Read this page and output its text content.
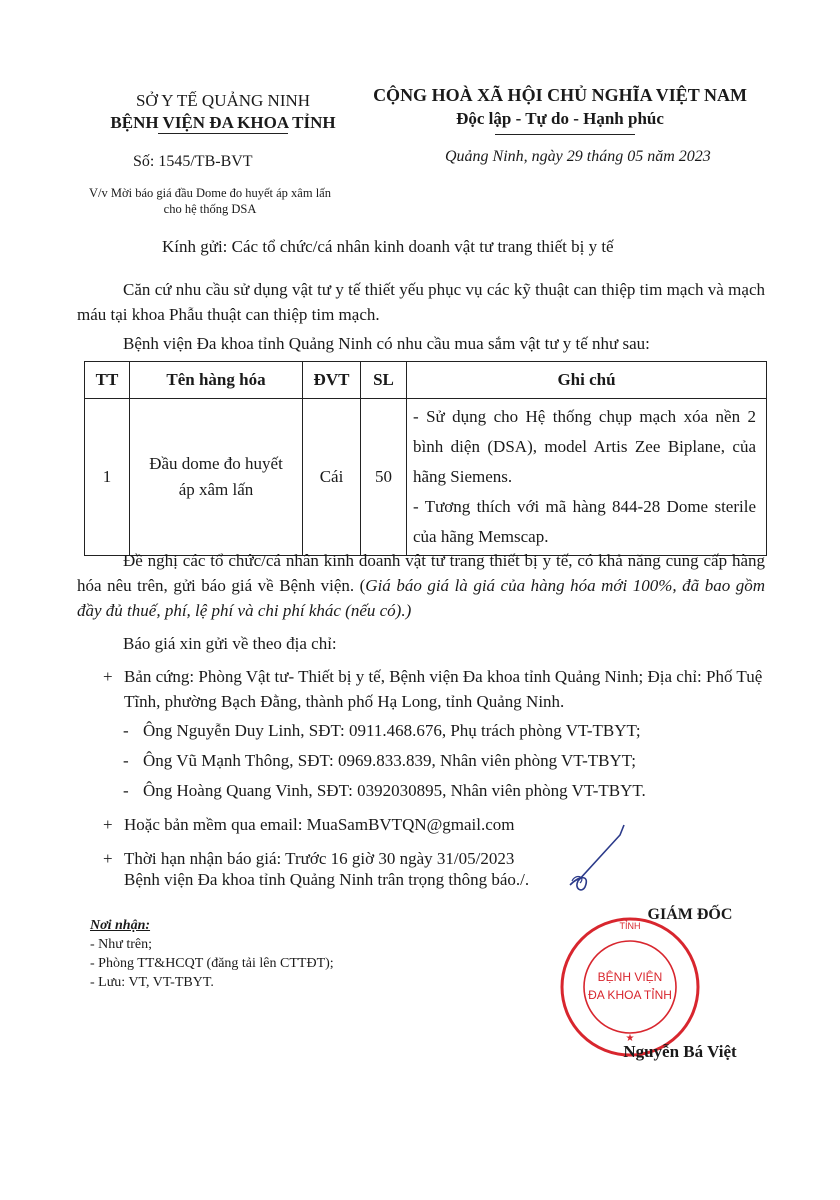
SỞ Y TẾ QUẢNG NINH
BỆNH VIỆN ĐA KHOA TỈNH
CỘNG HOÀ XÃ HỘI CHỦ NGHĨA VIỆT NAM
Độc lập - Tự do - Hạnh phúc
Số: 1545/TB-BVT	Quảng Ninh, ngày 29 tháng 05 năm 2023
V/v Mời báo giá đầu Dome đo huyết áp xâm lấn
cho hệ thống DSA
Kính gửi: Các tổ chức/cá nhân kinh doanh vật tư trang thiết bị y tế
Căn cứ nhu cầu sử dụng vật tư y tế thiết yếu phục vụ các kỹ thuật can thiệp tim mạch và mạch máu tại khoa Phẫu thuật can thiệp tim mạch.
Bệnh viện Đa khoa tỉnh Quảng Ninh có nhu cầu mua sắm vật tư y tế như sau:
TT	Tên hàng hóa	ĐVT	SL	Ghi chú
1	Đầu dome đo huyết áp xâm lấn	Cái	50	- Sử dụng cho Hệ thống chụp mạch xóa nền 2 bình diện (DSA), model Artis Zee Biplane, của hãng Siemens.
- Tương thích với mã hàng 844-28 Dome sterile của hãng Memscap.
Đề nghị các tổ chức/cá nhân kinh doanh vật tư trang thiết bị y tế, có khả năng cung cấp hàng hóa nêu trên, gửi báo giá về Bệnh viện. (Giá báo giá là giá của hàng hóa mới 100%, đã bao gồm đầy đủ thuế, phí, lệ phí và chi phí khác (nếu có).)
Báo giá xin gửi về theo địa chỉ:
+ Bản cứng: Phòng Vật tư- Thiết bị y tế, Bệnh viện Đa khoa tỉnh Quảng Ninh; Địa chỉ: Phố Tuệ Tĩnh, phường Bạch Đằng, thành phố Hạ Long, tỉnh Quảng Ninh.
- Ông Nguyễn Duy Linh, SĐT: 0911.468.676, Phụ trách phòng VT-TBYT;
- Ông Vũ Mạnh Thông, SĐT: 0969.833.839, Nhân viên phòng VT-TBYT;
- Ông Hoàng Quang Vinh, SĐT: 0392030895, Nhân viên phòng VT-TBYT.
+ Hoặc bản mềm qua email: MuaSamBVTQN@gmail.com
+ Thời hạn nhận báo giá: Trước 16 giờ 30 ngày 31/05/2023
Bệnh viện Đa khoa tỉnh Quảng Ninh trân trọng thông báo./.
Nơi nhận:
- Như trên;
- Phòng TT&HCQT (đăng tải lên CTTĐT);
- Lưu: VT, VT-TBYT.
GIÁM ĐỐC
TỈNH
BỆNH VIỆN
ĐA KHOA TỈNH
★
Nguyễn Bá Việt
